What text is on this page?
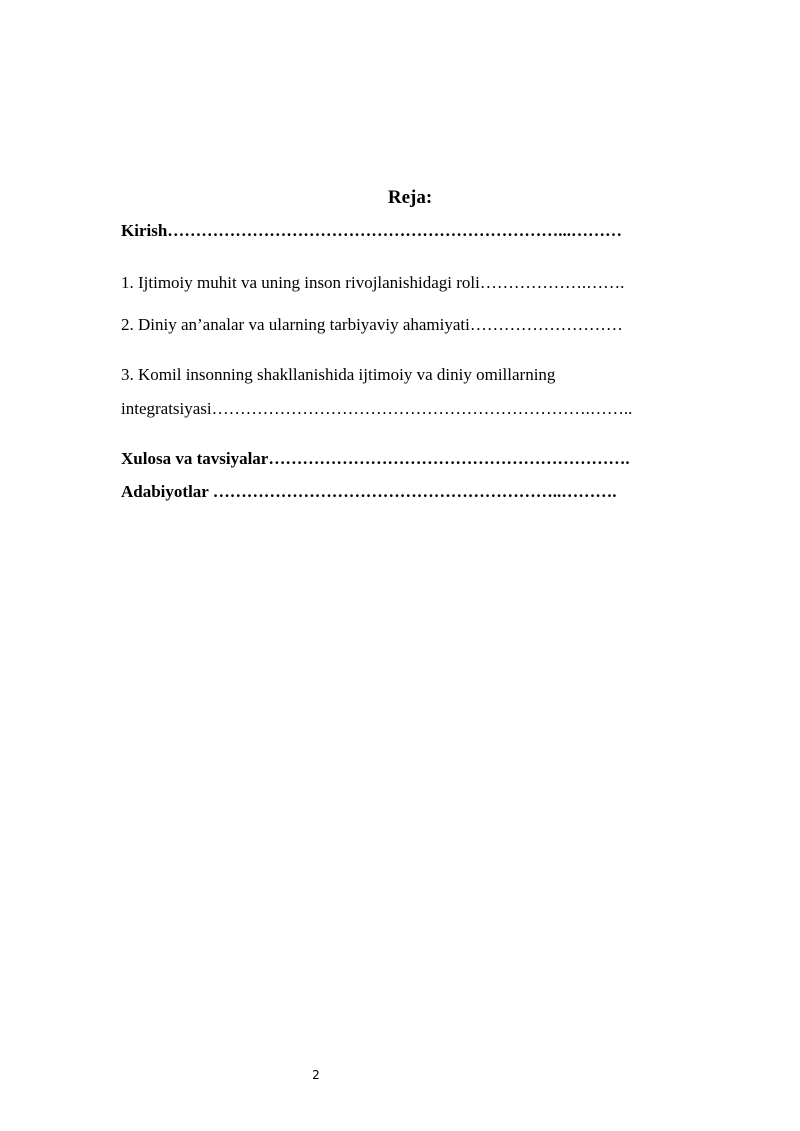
Reja:
Kirish……………………………………………………………...………
1. Ijtimoiy muhit va uning inson rivojlanishidagi roli……………….…….
2. Diniy an’analar va ularning tarbiyaviy ahamiyati………………………
3. Komil insonning shakllanishida ijtimoiy va diniy omillarning
integratsiyasi………………………………………………………….……..
Xulosa va tavsiyalar……………………………………………………….
Adabiyotlar ……………………………………………………..……….
2
